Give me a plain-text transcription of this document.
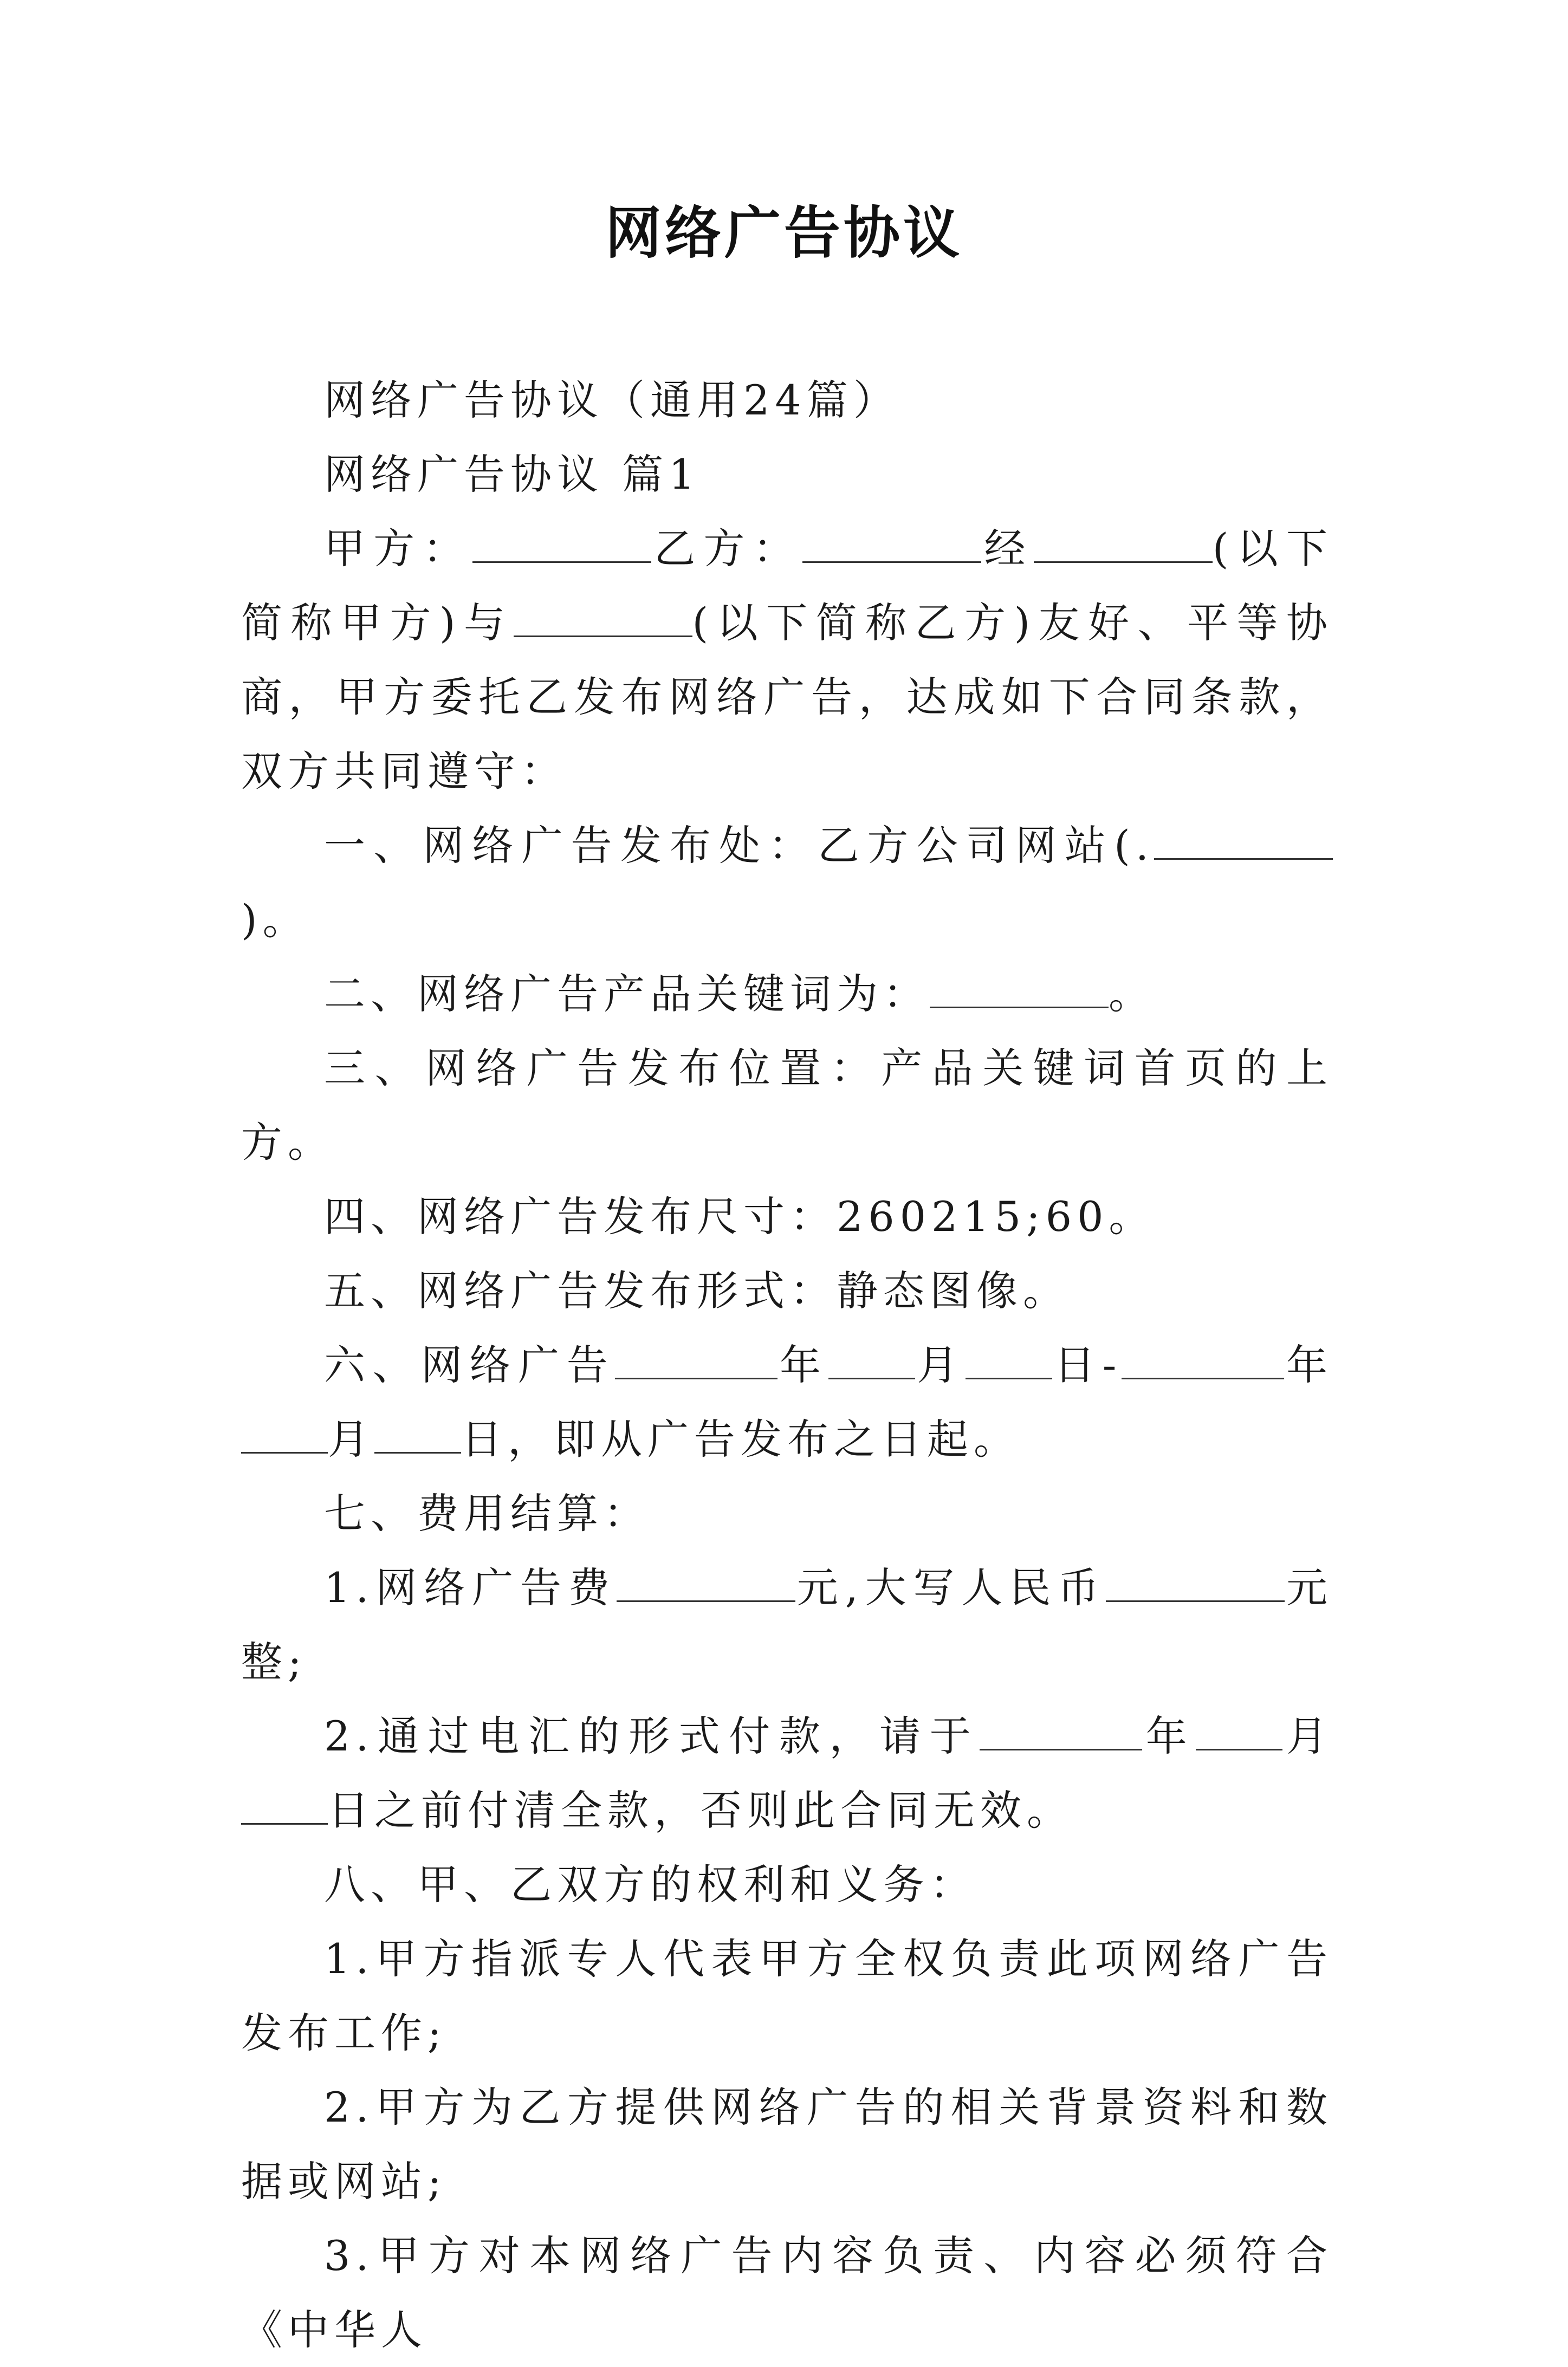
网络广告协议

网络广告协议（通用24篇）

网络广告协议 篇1

甲方：	乙方：	经	(以下简称甲方)与	(以下简称乙方)友好、平等协商，甲方委托乙发布网络广告，达成如下合同条款，双方共同遵守：

一、网络广告发布处：乙方公司网站(.)。

二、网络广告产品关键词为：	。

三、网络广告发布位置：产品关键词首页的上方。

四、网络广告发布尺寸：260215;60。

五、网络广告发布形式：静态图像。

六、网络广告	年 月 日-	年月 日，即从广告发布之日起。

七、费用结算：

1.网络广告费	元,大写人民币	元整;

2.通过电汇的形式付款，请于	年 月日之前付清全款，否则此合同无效。

八、甲、乙双方的权利和义务：

1.甲方指派专人代表甲方全权负责此项网络广告发布工作;

2.甲方为乙方提供网络广告的相关背景资料和数据或网站;

3.甲方对本网络广告内容负责、内容必须符合《中华人
